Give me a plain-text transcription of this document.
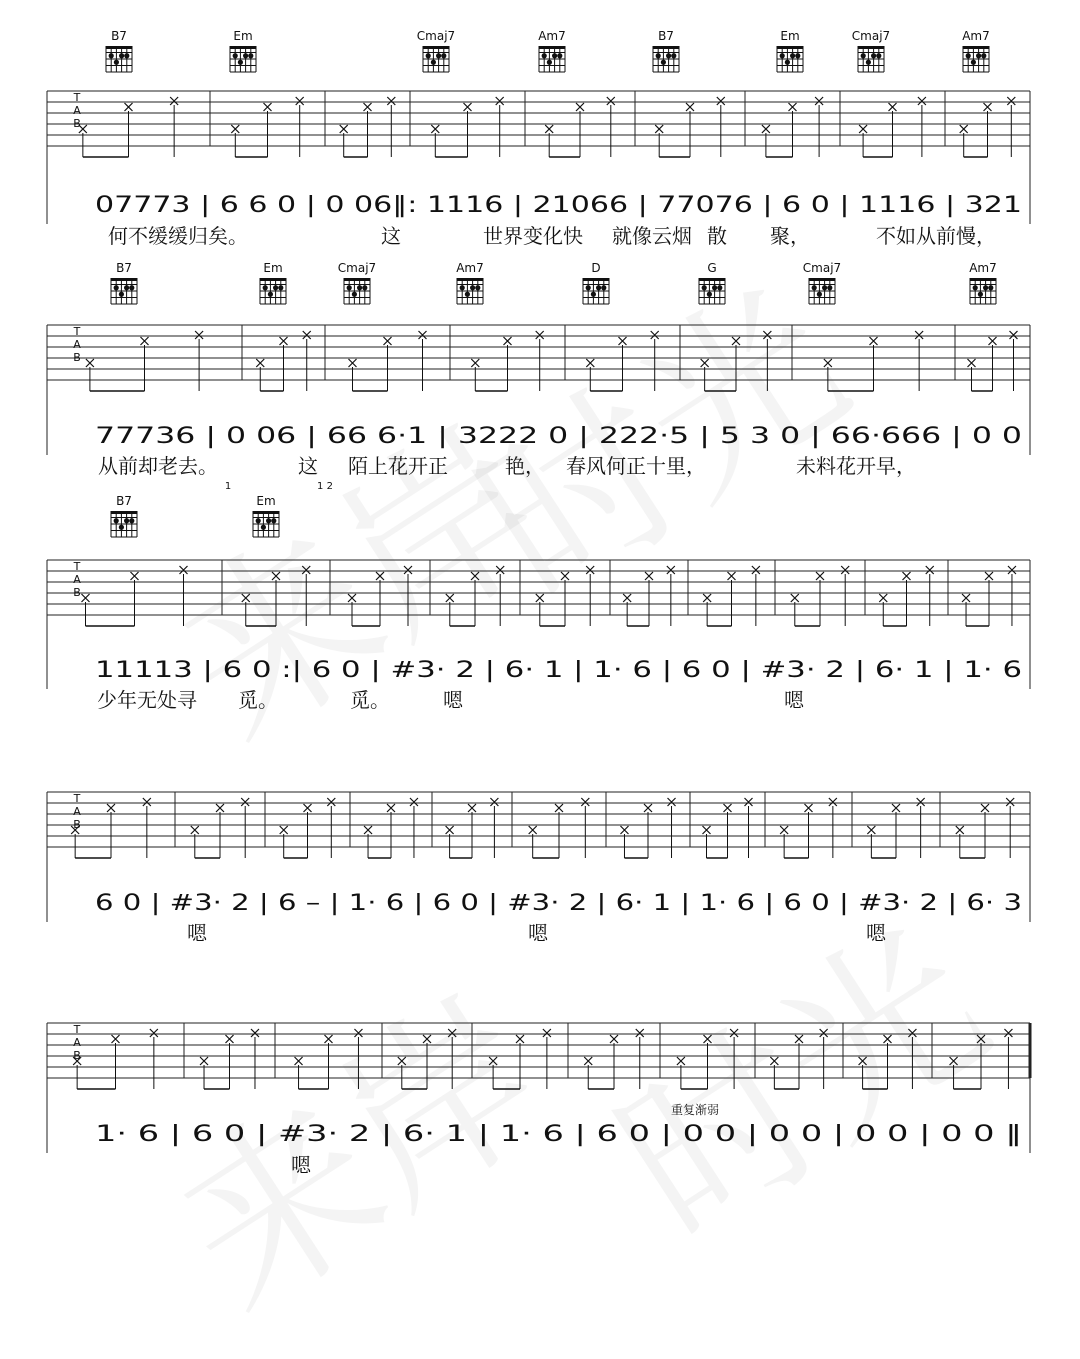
B7	Em	Cmaj7	Am7	B7	Em	Cmaj7	Am7
T
A
B
07773 | 6 6 0 | 0 06‖: 1116 | 21066 | 77076 | 6 0 | 1116 | 321
何不缓缓归矣。	这	世界变化快 就像云烟 散 聚，	不如从前慢，
B7	Em	Cmaj7	Am7	D	G	Cmaj7	Am7
T
A
B
77736 | 0 06 | 66 6·1 | 3222 0 | 222·5 | 5 3 0 | 66·666 | 0 0
从前却老去。	这 陌上花开正	艳， 春风何正十里，	未料花开早，
1	1 2
B7	Em
T
A
B
11113 | 6 0 :| 6 0 | #3· 2 | 6· 1 | 1· 6 | 6 0 | #3· 2 | 6· 1 | 1· 6
少年无处寻 觅。	觅。	嗯	嗯
T
A
B
6 0 | #3· 2 | 6 – | 1· 6 | 6 0 | #3· 2 | 6· 1 | 1· 6 | 6 0 | #3· 2 | 6· 3
嗯	嗯	嗯
T
A
B
1· 6 | 6 0 | #3· 2 | 6· 1 | 1· 6 | 6 0 | 0 0 | 0 0 | 0 0 | 0 0 ‖
嗯
重复渐弱
